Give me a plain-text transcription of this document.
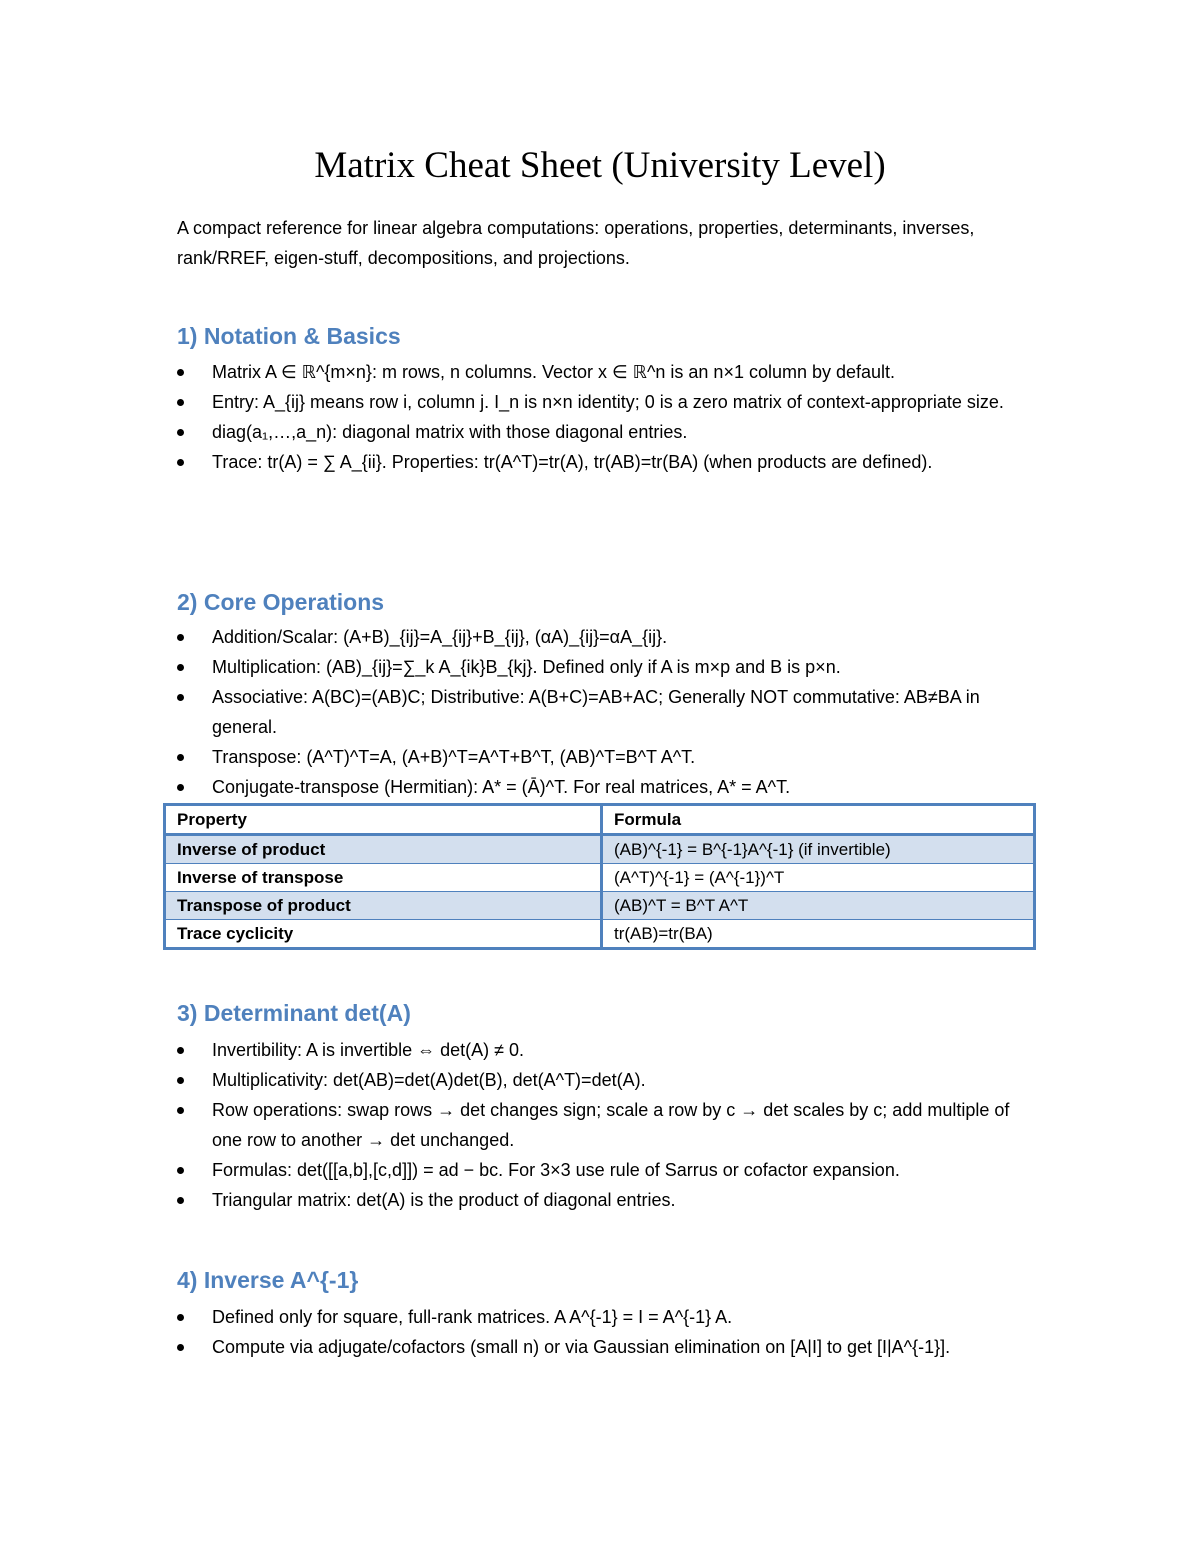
Matrix Cheat Sheet (University Level)

A compact reference for linear algebra computations: operations, properties, determinants, inverses, rank/RREF, eigen-stuff, decompositions, and projections.

1) Notation & Basics
Matrix A ∈ ℝ^{m×n}: m rows, n columns. Vector x ∈ ℝ^n is an n×1 column by default.
Entry: A_{ij} means row i, column j. I_n is n×n identity; 0 is a zero matrix of context-appropriate size.
diag(a₁,…,a_n): diagonal matrix with those diagonal entries.
Trace: tr(A) = ∑ A_{ii}. Properties: tr(A^T)=tr(A), tr(AB)=tr(BA) (when products are defined).
2) Core Operations
Addition/Scalar: (A+B)_{ij}=A_{ij}+B_{ij}, (αA)_{ij}=αA_{ij}.
Multiplication: (AB)_{ij}=∑_k A_{ik}B_{kj}. Defined only if A is m×p and B is p×n.
Associative: A(BC)=(AB)C; Distributive: A(B+C)=AB+AC; Generally NOT commutative: AB≠BA in general.
Transpose: (A^T)^T=A, (A+B)^T=A^T+B^T, (AB)^T=B^T A^T.
Conjugate-transpose (Hermitian): A* = (Ā)^T. For real matrices, A* = A^T.
Property	Formula
Inverse of product	(AB)^{-1} = B^{-1}A^{-1} (if invertible)
Inverse of transpose	(A^T)^{-1} = (A^{-1})^T
Transpose of product	(AB)^T = B^T A^T
Trace cyclicity	tr(AB)=tr(BA)
3) Determinant det(A)
Invertibility: A is invertible ⇔ det(A) ≠ 0.
Multiplicativity: det(AB)=det(A)det(B), det(A^T)=det(A).
Row operations: swap rows → det changes sign; scale a row by c → det scales by c; add multiple of one row to another → det unchanged.
Formulas: det([[a,b],[c,d]]) = ad − bc. For 3×3 use rule of Sarrus or cofactor expansion.
Triangular matrix: det(A) is the product of diagonal entries.
4) Inverse A^{-1}
Defined only for square, full-rank matrices. A A^{-1} = I = A^{-1} A.
Compute via adjugate/cofactors (small n) or via Gaussian elimination on [A|I] to get [I|A^{-1}].
